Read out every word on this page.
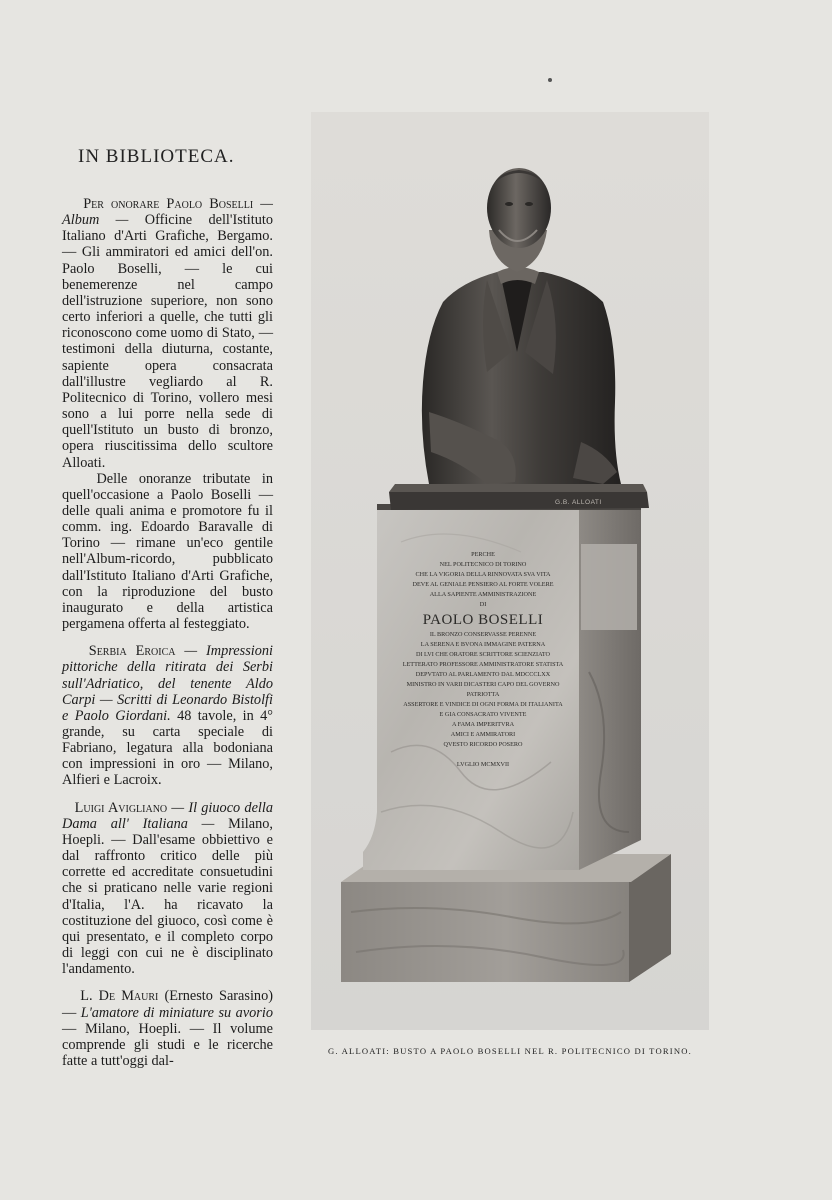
IN BIBLIOTECA.

Per onorare Paolo Boselli — Album — Officine dell'Istituto Italiano d'Arti Grafiche, Bergamo. — Gli ammiratori ed amici dell'on. Paolo Boselli, — le cui benemerenze nel campo dell'istruzione superiore, non sono certo inferiori a quelle, che tutti gli riconoscono come uomo di Stato, — testimoni della diuturna, costante, sapiente opera consacrata dall'illustre vegliardo al R. Politecnico di Torino, vollero mesi sono a lui porre nella sede di quell'Istituto un busto di bronzo, opera riuscitissima dello scultore Alloati.

Delle onoranze tributate in quell'occasione a Paolo Boselli — delle quali anima e promotore fu il comm. ing. Edoardo Baravalle di Torino — rimane un'eco gentile nell'Album-ricordo, pubblicato dall'Istituto Italiano d'Arti Grafiche, con la riproduzione del busto inaugurato e della artistica pergamena offerta al festeggiato.

Serbia Eroica — Impressioni pittoriche della ritirata dei Serbi sull'Adriatico, del tenente Aldo Carpi — Scritti di Leonardo Bistolfi e Paolo Giordani. 48 tavole, in 4° grande, su carta speciale di Fabriano, legatura alla bodoniana con impressioni in oro — Milano, Alfieri e Lacroix.

Luigi Avigliano — Il giuoco della Dama all' Italiana — Milano, Hoepli. — Dall'esame obbiettivo e dal raffronto critico delle più corrette ed accreditate consuetudini che si praticano nelle varie regioni d'Italia, l'A. ha ricavato la costituzione del giuoco, così come è qui presentato, e il completo corpo di leggi con cui ne è disciplinato l'andamento.

L. De Mauri (Ernesto Sarasino) — L'amatore di miniature su avorio — Milano, Hoepli. — Il volume comprende gli studi e le ricerche fatte a tutt'oggi dal-

G.B. ALLOATI
PERCHE
NEL POLITECNICO DI TORINO
CHE LA VIGORIA DELLA RINNOVATA SVA VITA
DEVE AL GENIALE PENSIERO AL FORTE VOLERE
ALLA SAPIENTE AMMINISTRAZIONE
DI
PAOLO BOSELLI
IL BRONZO CONSERVASSE PERENNE
LA SERENA E BVONA IMMAGINE PATERNA
DI LVI CHE ORATORE SCRITTORE SCIENZIATO
LETTERATO PROFESSORE AMMINISTRATORE STATISTA
DEPVTATO AL PARLAMENTO DAL MDCCCLXX
MINISTRO IN VARII DICASTERI CAPO DEL GOVERNO
PATRIOTTA
ASSERTORE E VINDICE DI OGNI FORMA DI ITALIANITA
E GIA CONSACRATO VIVENTE
A FAMA IMPERITVRA
AMICI E AMMIRATORI
QVESTO RICORDO POSERO
LVGLIO MCMXVII
G. ALLOATI: BUSTO A PAOLO BOSELLI NEL R. POLITECNICO DI TORINO.
